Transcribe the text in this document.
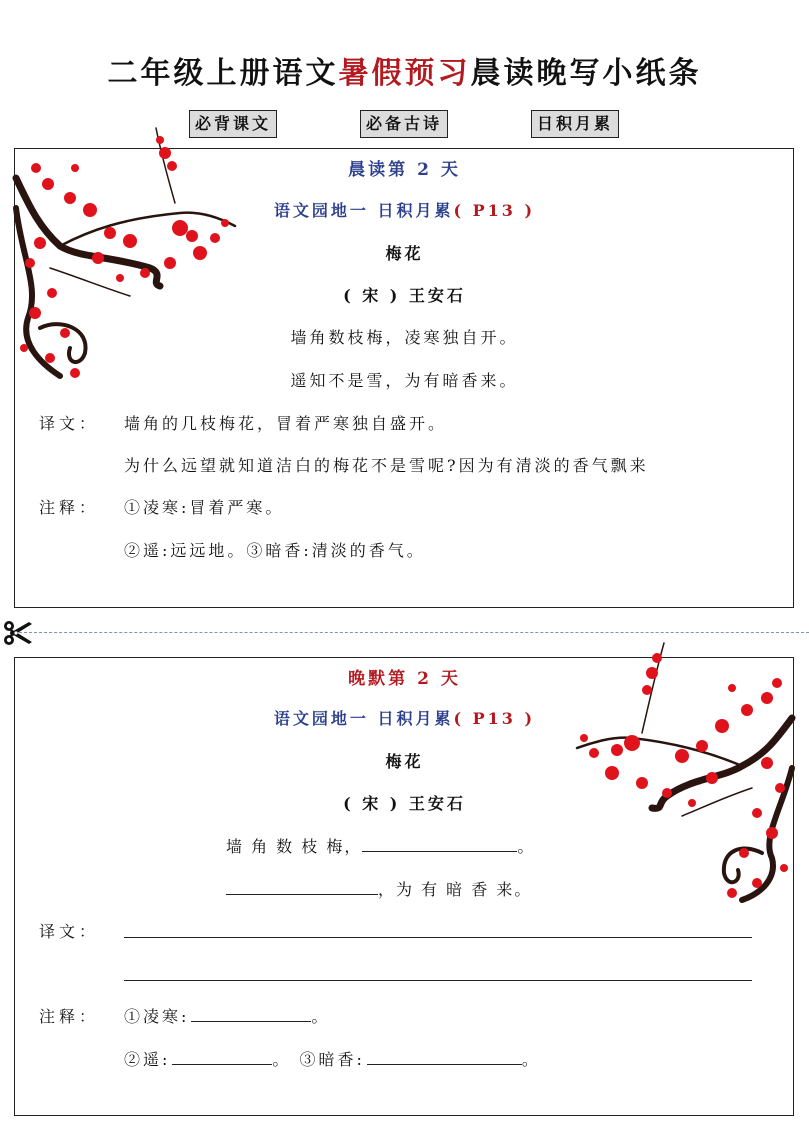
二年级上册语文暑假预习晨读晚写小纸条
必背课文	必备古诗	日积月累
晨读第 2 天
语文园地一 日积月累( P13 )
梅花
( 宋 ) 王安石
墙角数枝梅，凌寒独自开。
遥知不是雪，为有暗香来。
译文： 墙角的几枝梅花，冒着严寒独自盛开。
为什么远望就知道洁白的梅花不是雪呢?因为有清淡的香气飘来
注释： ①凌寒:冒着严寒。
②遥:远远地。③暗香:清淡的香气。
晚默第 2 天
语文园地一 日积月累( P13 )
梅花
( 宋 ) 王安石
墙 角 数 枝 梅，	。
，为 有 暗 香 来。
译文：
注释： ①凌寒:	。
②遥:	。 ③暗香:	。
